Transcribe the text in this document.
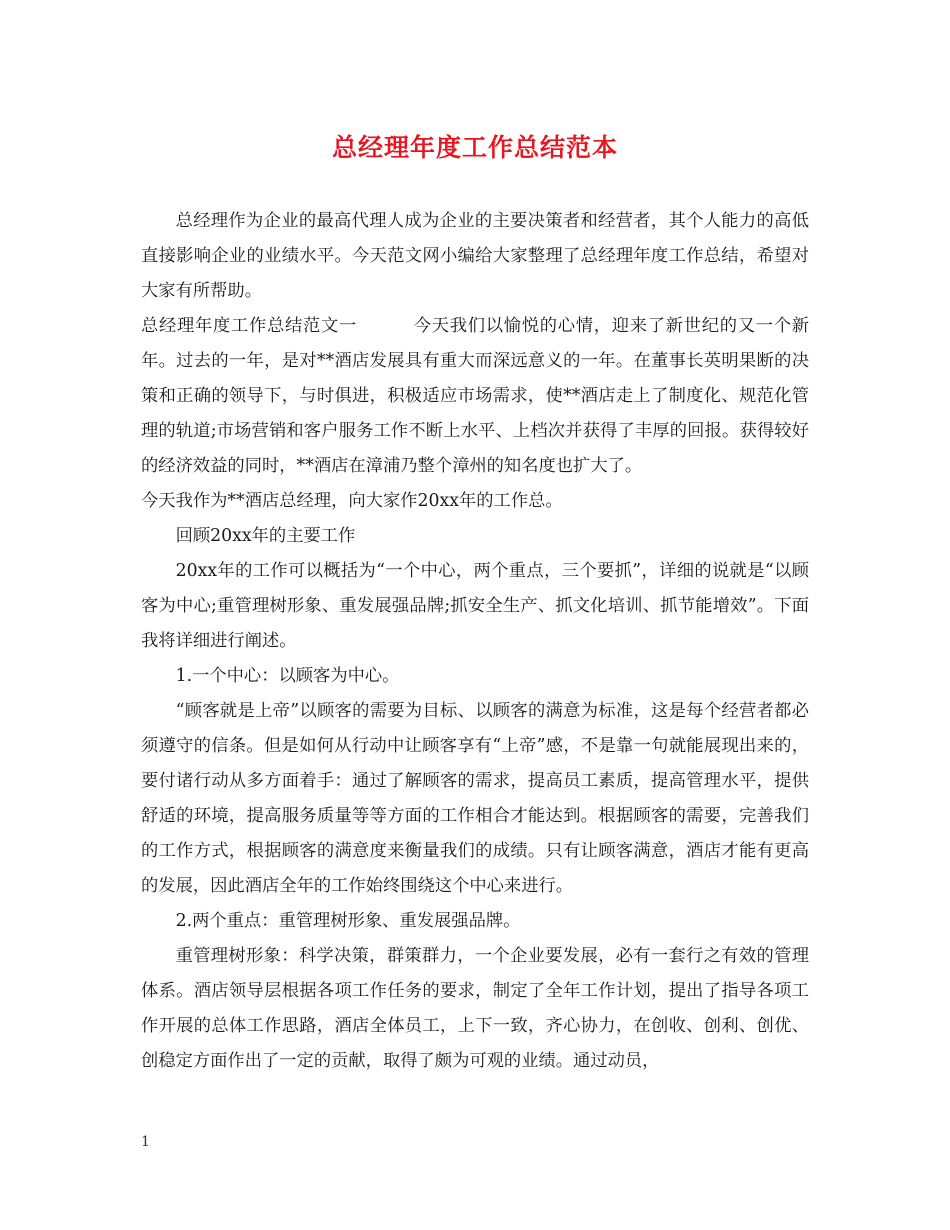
总经理年度工作总结范本

总经理作为企业的最高代理人成为企业的主要决策者和经营者，其个人能力的高低直接影响企业的业绩水平。今天范文网小编给大家整理了总经理年度工作总结，希望对大家有所帮助。

总经理年度工作总结范文一	今天我们以愉悦的心情，迎来了新世纪的又一个新年。过去的一年，是对**酒店发展具有重大而深远意义的一年。在董事长英明果断的决策和正确的领导下，与时俱进，积极适应市场需求，使**酒店走上了制度化、规范化管理的轨道;市场营销和客户服务工作不断上水平、上档次并获得了丰厚的回报。获得较好的经济效益的同时，**酒店在漳浦乃整个漳州的知名度也扩大了。

今天我作为**酒店总经理，向大家作20xx年的工作总。

回顾20xx年的主要工作

20xx年的工作可以概括为“一个中心，两个重点，三个要抓”，详细的说就是“以顾客为中心;重管理树形象、重发展强品牌;抓安全生产、抓文化培训、抓节能增效”。下面我将详细进行阐述。

1.一个中心：以顾客为中心。

“顾客就是上帝”以顾客的需要为目标、以顾客的满意为标准，这是每个经营者都必须遵守的信条。但是如何从行动中让顾客享有“上帝”感，不是靠一句就能展现出来的，要付诸行动从多方面着手：通过了解顾客的需求，提高员工素质，提高管理水平，提供舒适的环境，提高服务质量等等方面的工作相合才能达到。根据顾客的需要，完善我们的工作方式，根据顾客的满意度来衡量我们的成绩。只有让顾客满意，酒店才能有更高的发展，因此酒店全年的工作始终围绕这个中心来进行。

2.两个重点：重管理树形象、重发展强品牌。

重管理树形象：科学决策，群策群力，一个企业要发展，必有一套行之有效的管理体系。酒店领导层根据各项工作任务的要求，制定了全年工作计划，提出了指导各项工作开展的总体工作思路，酒店全体员工，上下一致，齐心协力，在创收、创利、创优、创稳定方面作出了一定的贡献，取得了颇为可观的业绩。通过动员，

1
